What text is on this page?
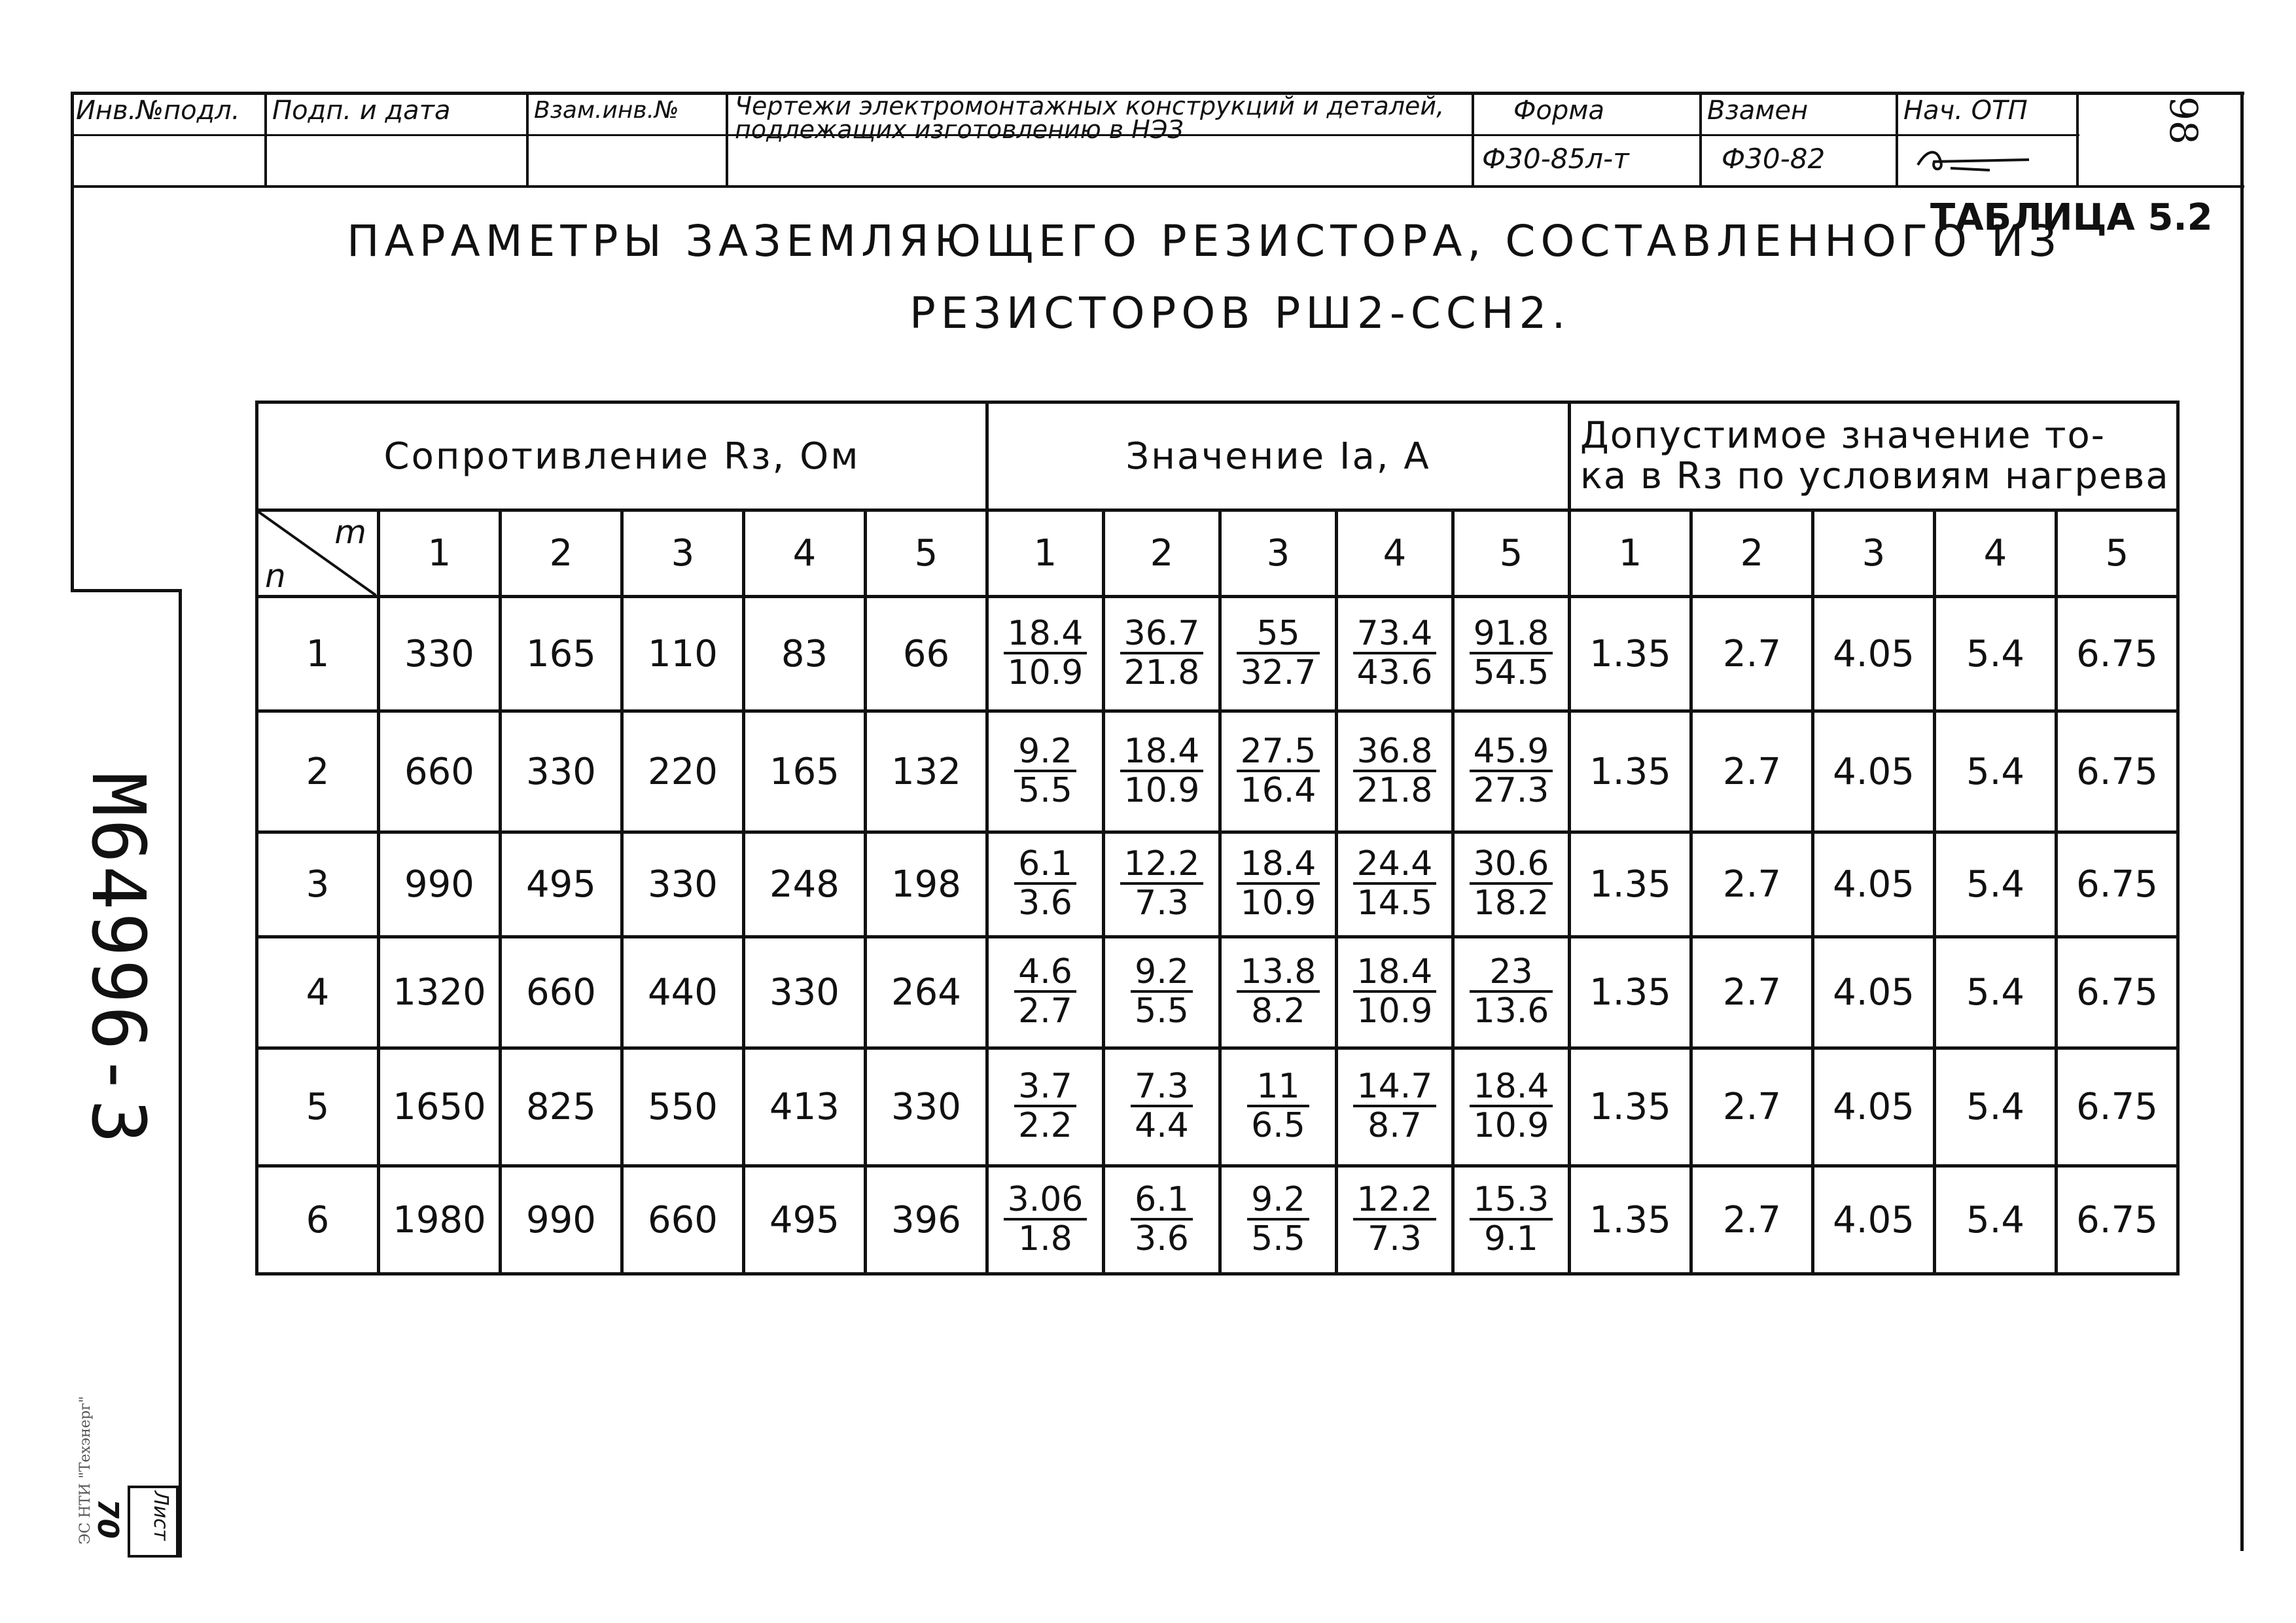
Инв.№подл.	Подп. и дата	Взам.инв.№	Чертежи электромонтажных конструкций и деталей, подлежащих изготовлению в НЭЗ
Форма
Ф30-85л-т
Взамен
Ф30-82
Нач. ОТП	98
ТАБЛИЦА 5.2
ПАРАМЕТРЫ ЗАЗЕМЛЯЮЩЕГО РЕЗИСТОРА, СОСТАВЛЕННОГО ИЗ
РЕЗИСТОРОВ РШ2-ССН2.
М64996-3
ЭС НТИ "Техэнерг"	Лист
70
Сопротивление Rз, Ом						Значение Iа, А					Допустимое значение то-
ка в Rз по условиям нагрева				

m
n	1	2	3	4	5	1	2	3	4	5	1	2	3	4	5
1	330	165	110	83	66	$\frac{18.4}{10.9}$	$\frac{36.7}{21.8}$	$\frac{55}{32.7}$	$\frac{73.4}{43.6}$	$\frac{91.8}{54.5}$	1.35	2.7	4.05	5.4	6.75
2	660	330	220	165	132	$\frac{9.2}{5.5}$	$\frac{18.4}{10.9}$	$\frac{27.5}{16.4}$	$\frac{36.8}{21.8}$	$\frac{45.9}{27.3}$	1.35	2.7	4.05	5.4	6.75
3	990	495	330	248	198	$\frac{6.1}{3.6}$	$\frac{12.2}{7.3}$	$\frac{18.4}{10.9}$	$\frac{24.4}{14.5}$	$\frac{30.6}{18.2}$	1.35	2.7	4.05	5.4	6.75
4	1320	660	440	330	264	$\frac{4.6}{2.7}$	$\frac{9.2}{5.5}$	$\frac{13.8}{8.2}$	$\frac{18.4}{10.9}$	$\frac{23}{13.6}$	1.35	2.7	4.05	5.4	6.75
5	1650	825	550	413	330	$\frac{3.7}{2.2}$	$\frac{7.3}{4.4}$	$\frac{11}{6.5}$	$\frac{14.7}{8.7}$	$\frac{18.4}{10.9}$	1.35	2.7	4.05	5.4	6.75
6	1980	990	660	495	396	$\frac{3.06}{1.8}$	$\frac{6.1}{3.6}$	$\frac{9.2}{5.5}$	$\frac{12.2}{7.3}$	$\frac{15.3}{9.1}$	1.35	2.7	4.05	5.4	6.75
